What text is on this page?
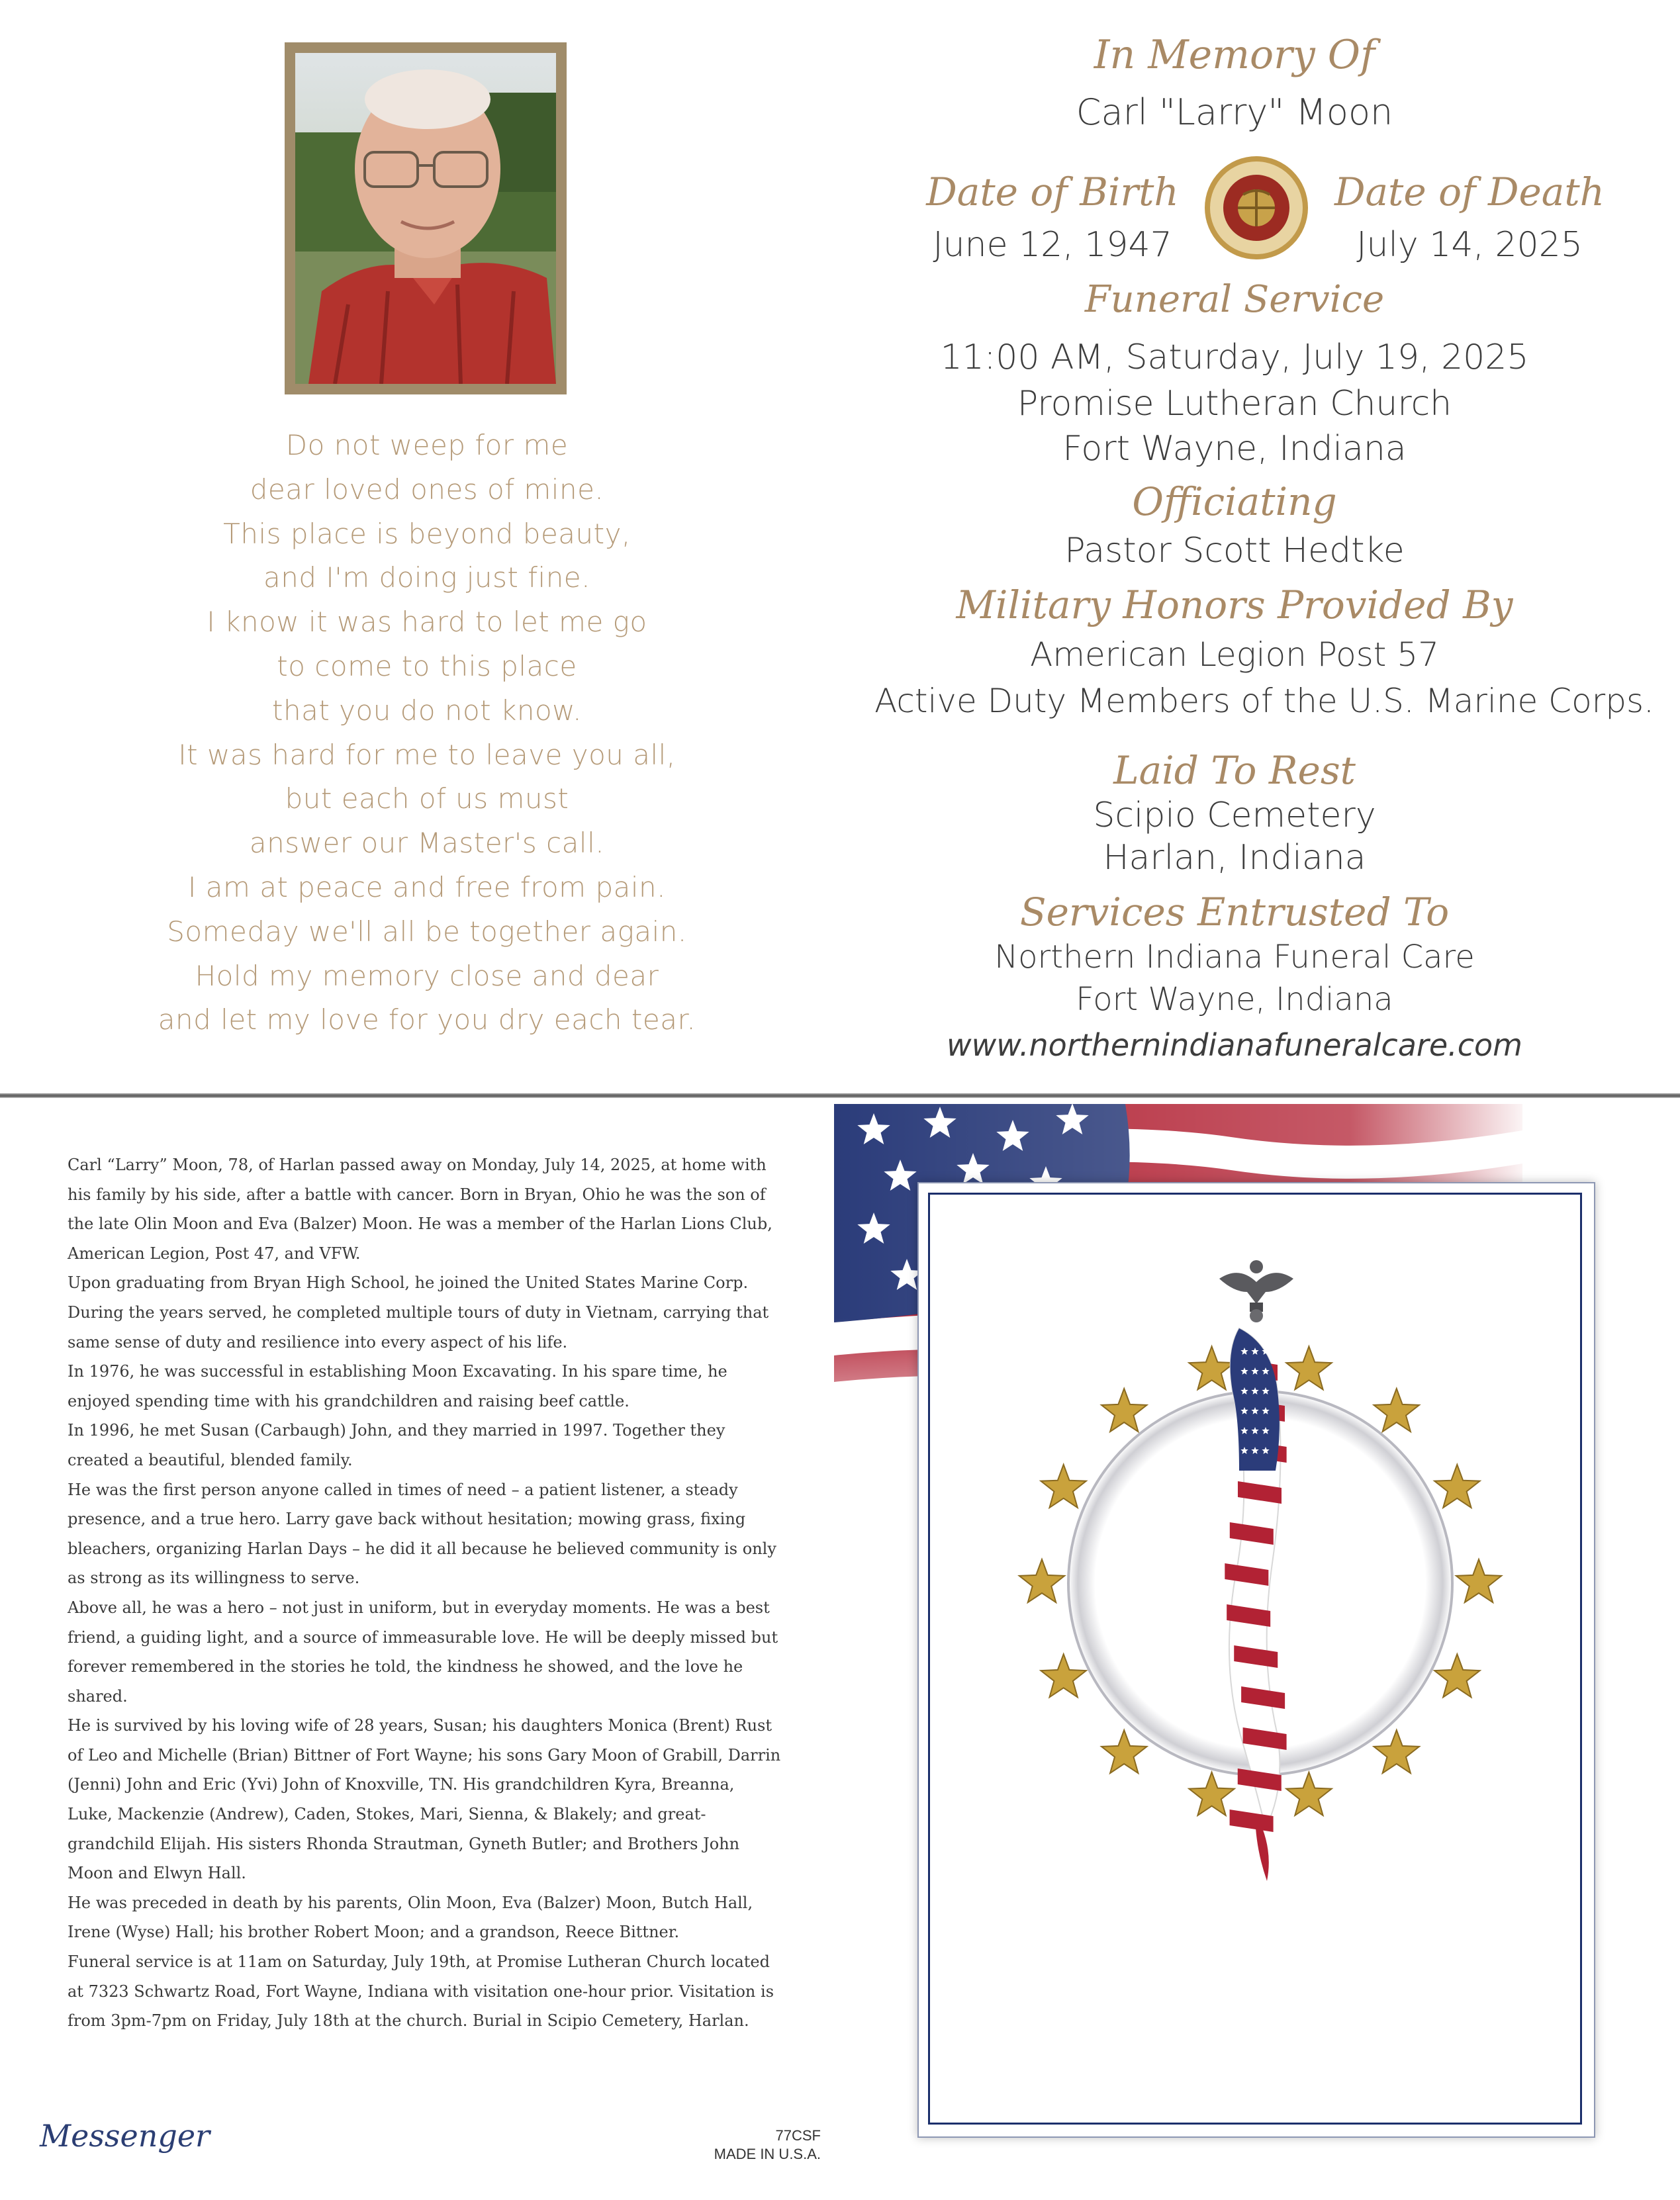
Do not weep for me
dear loved ones of mine.
This place is beyond beauty,
and I'm doing just fine.
I know it was hard to let me go
to come to this place
that you do not know.
It was hard for me to leave you all,
but each of us must
answer our Master's call.
I am at peace and free from pain.
Someday we'll all be together again.
Hold my memory close and dear
and let my love for you dry each tear.
In Memory Of
Carl "Larry" Moon
Date of Birth
June 12, 1947
Date of Death
July 14, 2025
Funeral Service
11:00 AM, Saturday, July 19, 2025
Promise Lutheran Church
Fort Wayne, Indiana
Officiating
Pastor Scott Hedtke
Military Honors Provided By
American Legion Post 57
Active Duty Members of the U.S. Marine Corps.
Laid To Rest
Scipio Cemetery
Harlan, Indiana
Services Entrusted To
Northern Indiana Funeral Care
Fort Wayne, Indiana
www.northernindianafuneralcare.com

Carl “Larry” Moon, 78, of Harlan passed away on Monday, July 14, 2025, at home with his family by his side, after a battle with cancer. Born in Bryan, Ohio he was the son of the late Olin Moon and Eva (Balzer) Moon. He was a member of the Harlan Lions Club, American Legion, Post 47, and VFW.

Upon graduating from Bryan High School, he joined the United States Marine Corp. During the years served, he completed multiple tours of duty in Vietnam, carrying that same sense of duty and resilience into every aspect of his life.

In 1976, he was successful in establishing Moon Excavating. In his spare time, he enjoyed spending time with his grandchildren and raising beef cattle.

In 1996, he met Susan (Carbaugh) John, and they married in 1997. Together they created a beautiful, blended family.

He was the first person anyone called in times of need – a patient listener, a steady presence, and a true hero. Larry gave back without hesitation; mowing grass, fixing bleachers, organizing Harlan Days – he did it all because he believed community is only as strong as its willingness to serve.

Above all, he was a hero – not just in uniform, but in everyday moments. He was a best friend, a guiding light, and a source of immeasurable love. He will be deeply missed but forever remembered in the stories he told, the kindness he showed, and the love he shared.

He is survived by his loving wife of 28 years, Susan; his daughters Monica (Brent) Rust of Leo and Michelle (Brian) Bittner of Fort Wayne; his sons Gary Moon of Grabill, Darrin (Jenni) John and Eric (Yvi) John of Knoxville, TN. His grandchildren Kyra, Breanna, Luke, Mackenzie (Andrew), Caden, Stokes, Mari, Sienna, & Blakely; and great-grandchild Elijah. His sisters Rhonda Strautman, Gyneth Butler; and Brothers John Moon and Elwyn Hall.

He was preceded in death by his parents, Olin Moon, Eva (Balzer) Moon, Butch Hall, Irene (Wyse) Hall; his brother Robert Moon; and a grandson, Reece Bittner.

Funeral service is at 11am on Saturday, July 19th, at Promise Lutheran Church located at 7323 Schwartz Road, Fort Wayne, Indiana with visitation one-hour prior. Visitation is from 3pm-7pm on Friday, July 18th at the church. Burial in Scipio Cemetery, Harlan.

Messenger	77CSF
MADE IN U.S.A.
